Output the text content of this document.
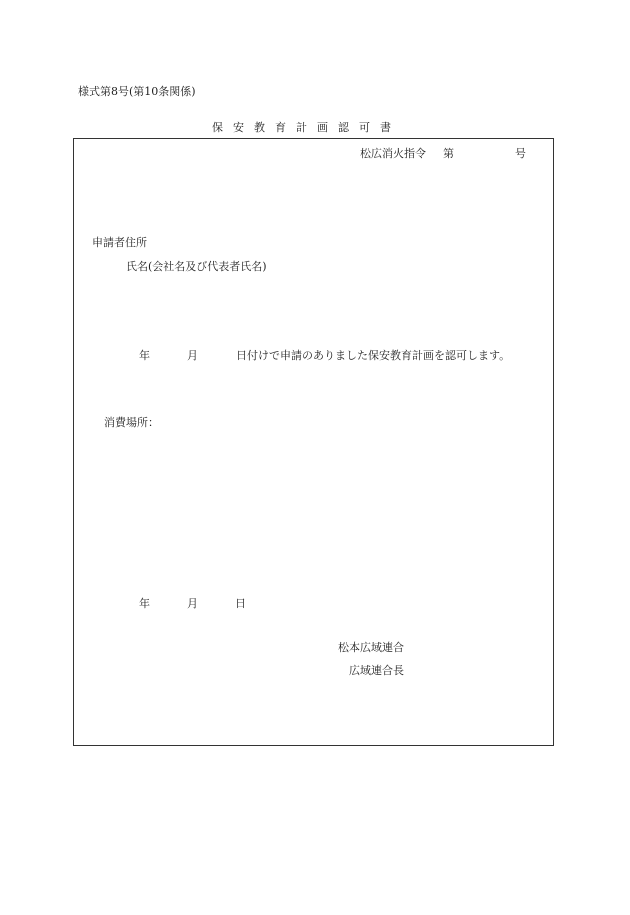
様式第8号(第10条関係)
保安教育計画認可書
松広消火指令 第	号
申請者住所
氏名(会社名及び代表者氏名)
年	月	日付けで申請のありました保安教育計画を認可します。
消費場所：
年	月	日
松本広域連合
広域連合長
